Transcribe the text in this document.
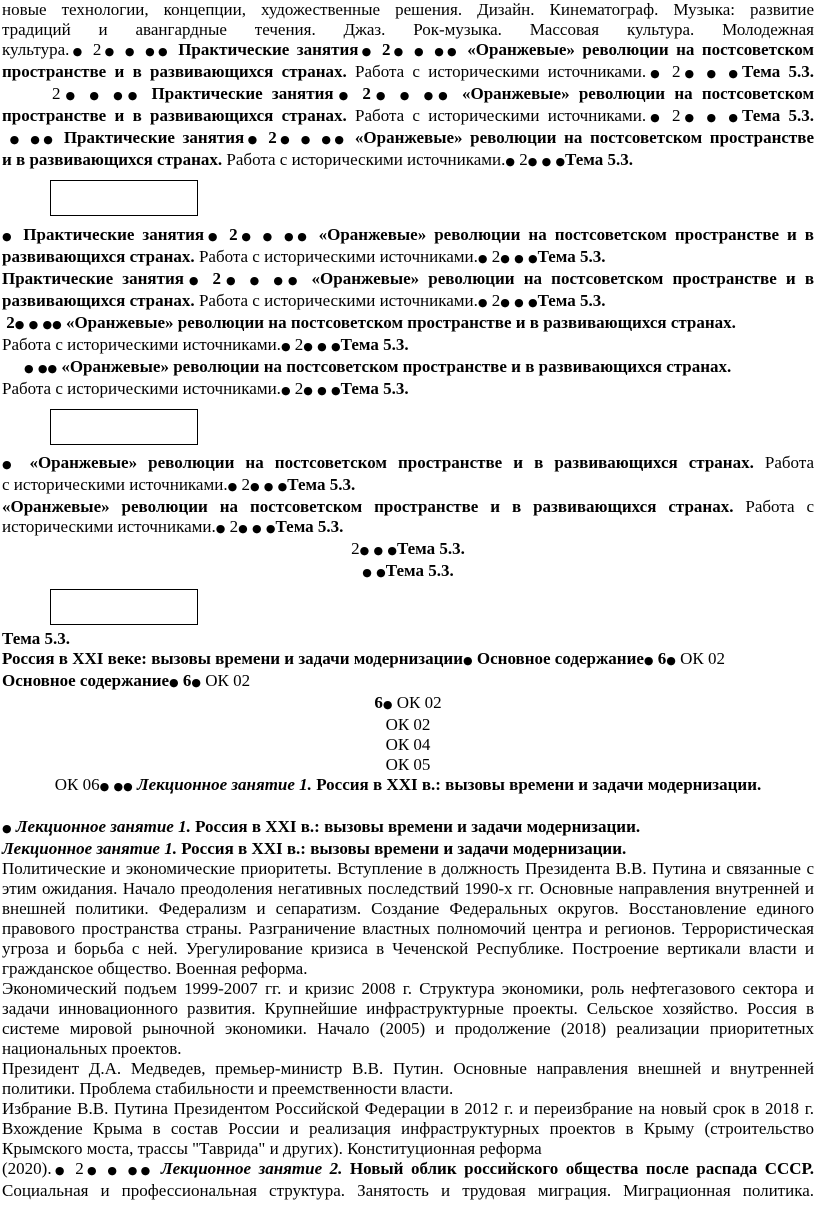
новые технологии, концепции, художественные решения. Дизайн. Кинематограф. Музыка: развитие

традиций и авангардные течения. Джаз. Рок-музыка. Массовая культура. Молодежная

культура.● 2● ● ●● Практические занятия● 2● ● ●● «Оранжевые» революции на постсоветском

пространстве и в развивающихся странах. Работа с историческими источниками.● 2● ● ●Тема 5.3.

2● ● ●● Практические занятия● 2● ● ●● «Оранжевые» революции на постсоветском

пространстве и в развивающихся странах. Работа с историческими источниками.● 2● ● ●Тема 5.3.

● ●● Практические занятия● 2● ● ●● «Оранжевые» революции на постсоветском пространстве

и в развивающихся странах. Работа с историческими источниками.● 2● ● ●Тема 5.3.

● Практические занятия● 2● ● ●● «Оранжевые» революции на постсоветском пространстве и в

развивающихся странах. Работа с историческими источниками.● 2● ● ●Тема 5.3.

Практические занятия● 2● ● ●● «Оранжевые» революции на постсоветском пространстве и в

развивающихся странах. Работа с историческими источниками.● 2● ● ●Тема 5.3.

2● ● ●● «Оранжевые» революции на постсоветском пространстве и в развивающихся странах.

Работа с историческими источниками.● 2● ● ●Тема 5.3.

● ●● «Оранжевые» революции на постсоветском пространстве и в развивающихся странах.

Работа с историческими источниками.● 2● ● ●Тема 5.3.

● «Оранжевые» революции на постсоветском пространстве и в развивающихся странах. Работа

с историческими источниками.● 2● ● ●Тема 5.3.

«Оранжевые» революции на постсоветском пространстве и в развивающихся странах. Работа с

историческими источниками.● 2● ● ●Тема 5.3.

2● ● ●Тема 5.3.

● ●Тема 5.3.

Тема 5.3.

Россия в XXI веке: вызовы времени и задачи модернизации● Основное содержание● 6● ОК 02

Основное содержание● 6● ОК 02

6● ОК 02

ОК 02

ОК 04

ОК 05

ОК 06● ●● Лекционное занятие 1. Россия в XXI в.: вызовы времени и задачи модернизации.

● Лекционное занятие 1. Россия в XXI в.: вызовы времени и задачи модернизации.

Лекционное занятие 1. Россия в XXI в.: вызовы времени и задачи модернизации.

Политические и экономические приоритеты. Вступление в должность Президента В.В. Путина и связанные с этим ожидания. Начало преодоления негативных последствий 1990-х гг. Основные направления внутренней и внешней политики. Федерализм и сепаратизм. Создание Федеральных округов. Восстановление единого правового пространства страны. Разграничение властных полномочий центра и регионов. Террористическая угроза и борьба с ней. Урегулирование кризиса в Чеченской Республике. Построение вертикали власти и гражданское общество. Военная реформа.

Экономический подъем 1999-2007 гг. и кризис 2008 г. Структура экономики, роль нефтегазового сектора и задачи инновационного развития. Крупнейшие инфраструктурные проекты. Сельское хозяйство. Россия в системе мировой рыночной экономики. Начало (2005) и продолжение (2018) реализации приоритетных национальных проектов.

Президент Д.А. Медведев, премьер-министр В.В. Путин. Основные направления внешней и внутренней политики. Проблема стабильности и преемственности власти.

Избрание В.В. Путина Президентом Российской Федерации в 2012 г. и переизбрание на новый срок в 2018 г. Вхождение Крыма в состав России и реализация инфраструктурных проектов в Крыму (строительство Крымского моста, трассы "Таврида" и других). Конституционная реформа

(2020).● 2● ● ●● Лекционное занятие 2. Новый облик российского общества после распада СССР.

Социальная и профессиональная структура. Занятость и трудовая миграция. Миграционная политика.
